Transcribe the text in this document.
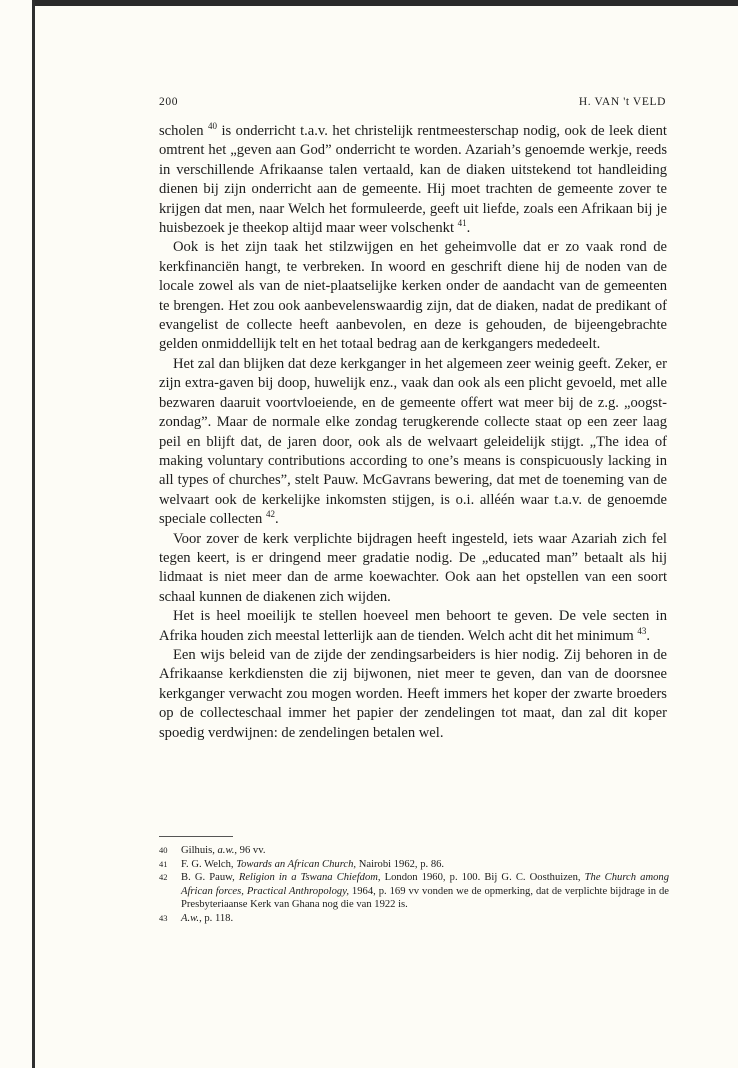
200	H. VAN 't VELD

scholen $^{40}$ is onderricht t.a.v. het christelijk rentmeesterschap nodig, ook de leek dient omtrent het „geven aan God” onderricht te worden. Azariah’s genoemde werkje, reeds in verschillende Afrikaanse talen vertaald, kan de diaken uitstekend tot handleiding dienen bij zijn onderricht aan de gemeente. Hij moet trachten de gemeente zover te krijgen dat men, naar Welch het formuleerde, geeft uit liefde, zoals een Afrikaan bij je huisbezoek je theekop altijd maar weer volschenkt $^{41}$.

Ook is het zijn taak het stilzwijgen en het geheimvolle dat er zo vaak rond de kerkfinanciën hangt, te verbreken. In woord en geschrift diene hij de noden van de locale zowel als van de niet-plaatselijke kerken onder de aandacht van de gemeenten te brengen. Het zou ook aanbevelenswaardig zijn, dat de diaken, nadat de predikant of evangelist de collecte heeft aanbevolen, en deze is gehouden, de bijeengebrachte gelden onmiddellijk telt en het totaal bedrag aan de kerkgangers mededeelt.

Het zal dan blijken dat deze kerkganger in het algemeen zeer weinig geeft. Zeker, er zijn extra-gaven bij doop, huwelijk enz., vaak dan ook als een plicht gevoeld, met alle bezwaren daaruit voortvloeiende, en de gemeente offert wat meer bij de z.g. „oogst-zondag”. Maar de normale elke zondag terugkerende collecte staat op een zeer laag peil en blijft dat, de jaren door, ook als de welvaart geleidelijk stijgt. „The idea of making voluntary contributions according to one’s means is conspicuously lacking in all types of churches”, stelt Pauw. McGavrans bewering, dat met de toeneming van de welvaart ook de kerkelijke inkomsten stijgen, is o.i. alléén waar t.a.v. de genoemde speciale collecten $^{42}$.

Voor zover de kerk verplichte bijdragen heeft ingesteld, iets waar Azariah zich fel tegen keert, is er dringend meer gradatie nodig. De „educated man” betaalt als hij lidmaat is niet meer dan de arme koewachter. Ook aan het opstellen van een soort schaal kunnen de diakenen zich wijden.

Het is heel moeilijk te stellen hoeveel men behoort te geven. De vele secten in Afrika houden zich meestal letterlijk aan de tienden. Welch acht dit het minimum $^{43}$.

Een wijs beleid van de zijde der zendingsarbeiders is hier nodig. Zij behoren in de Afrikaanse kerkdiensten die zij bijwonen, niet meer te geven, dan van de doorsnee kerkganger verwacht zou mogen worden. Heeft immers het koper der zwarte broeders op de collecteschaal immer het papier der zendelingen tot maat, dan zal dit koper spoedig verdwijnen: de zendelingen betalen wel.

40	Gilhuis, a.w., 96 vv.
41	F. G. Welch, Towards an African Church, Nairobi 1962, p. 86.
42	B. G. Pauw, Religion in a Tswana Chiefdom, London 1960, p. 100. Bij G. C. Oosthuizen, The Church among African forces, Practical Anthropology, 1964, p. 169 vv vonden we de opmerking, dat de verplichte bijdrage in de Presbyteriaanse Kerk van Ghana nog die van 1922 is.
43	A.w., p. 118.
